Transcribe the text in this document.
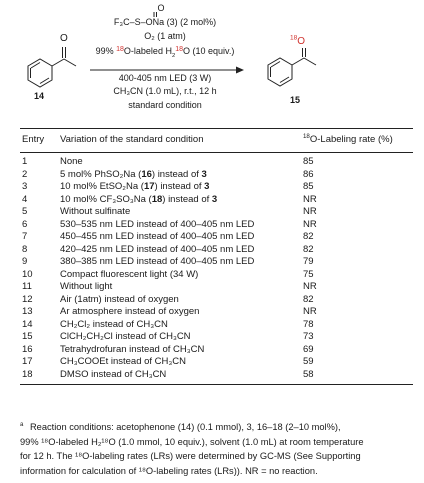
O
14
$^{18}$O
15
O
F₃C–S–ONa (3) (2 mol%)
O₂ (1 atm)
99% $^{18}$O-labeled $H_2^{18}O$ (10 equiv.)
400-405 nm LED (3 W)
CH₃CN (1.0 mL), r.t., 12 h
standard condition
Entry Variation of the standard condition	$^{18}$O-Labeling rate (%)
1	None	85
2	5 mol% PhSO₂Na (16) instead of 3	86
3	10 mol% EtSO₂Na (17) instead of 3	85
4	10 mol% CF₃SO₃Na (18) instead of 3	NR
5	Without sulfinate	NR
6	530–535 nm LED instead of 400–405 nm LED	NR
7	450–455 nm LED instead of 400–405 nm LED	82
8	420–425 nm LED instead of 400–405 nm LED	82
9	380–385 nm LED instead of 400–405 nm LED	79
10	Compact fluorescent light (34 W)	75
11	Without light	NR
12	Air (1atm) instead of oxygen	82
13	Ar atmosphere instead of oxygen	NR
14	CH₂Cl₂ instead of CH₃CN	78
15	ClCH₂CH₂Cl instead of CH₃CN	73
16	Tetrahydrofuran instead of CH₃CN	69
17	CH₃COOEt instead of CH₃CN	59
18	DMSO instead of CH₃CN	58
$^a$ Reaction conditions: acetophenone (14) (0.1 mmol), 3, 16–18 (2–10 mol%),
99% ¹⁸O-labeled H₂¹⁸O (1.0 mmol, 10 equiv.), solvent (1.0 mL) at room temperature
for 12 h. The ¹⁸O-labeling rates (LRs) were determined by GC-MS (See Supporting
information for calculation of ¹⁸O-labeling rates (LRs)). NR = no reaction.
